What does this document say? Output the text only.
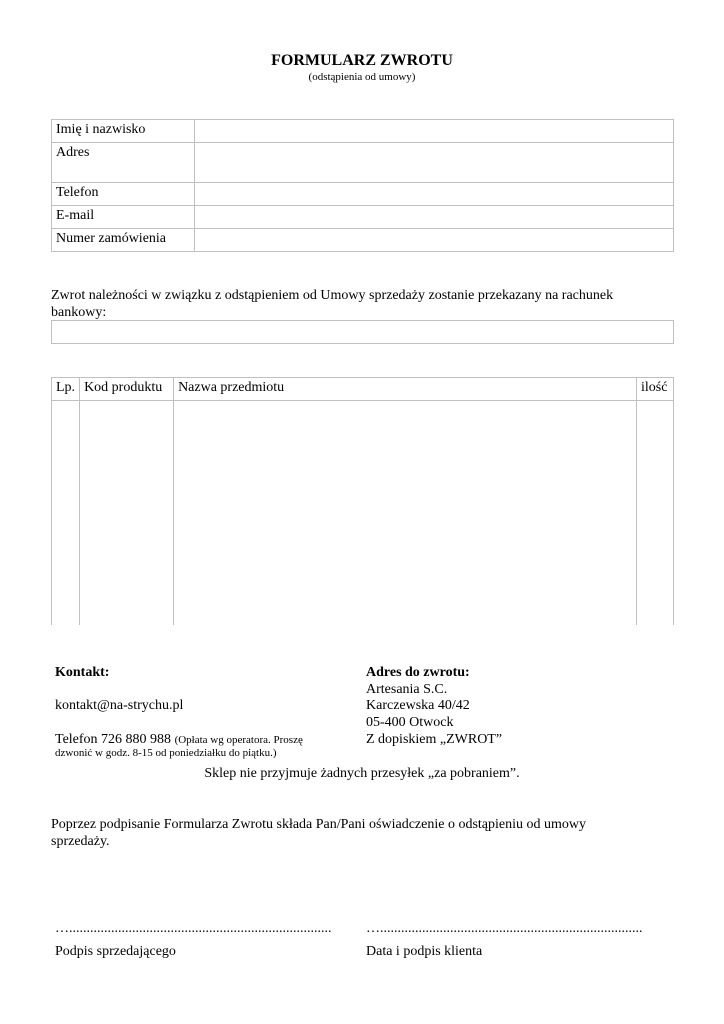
FORMULARZ ZWROTU
(odstąpienia od umowy)
Imię i nazwisko	
Adres	
Telefon	
E-mail	
Numer zamówienia	
Zwrot należności w związku z odstąpieniem od Umowy sprzedaży zostanie przekazany na rachunek bankowy:
Lp.	Kod produktu	Nazwa przedmiotu	ilość

Kontakt:
kontakt@na-strychu.pl
Telefon 726 880 988 (Opłata wg operatora. Proszę
dzwonić w godz. 8-15 od poniedziałku do piątku.)
Adres do zwrotu:
Artesania S.C.
Karczewska 40/42
05-400 Otwock
Z dopiskiem „ZWROT”
Sklep nie przyjmuje żadnych przesyłek „za pobraniem”.
Poprzez podpisanie Formularza Zwrotu składa Pan/Pani oświadczenie o odstąpieniu od umowy sprzedaży.
…...........................................................................
Podpis sprzedającego
…...........................................................................
Data i podpis klienta
